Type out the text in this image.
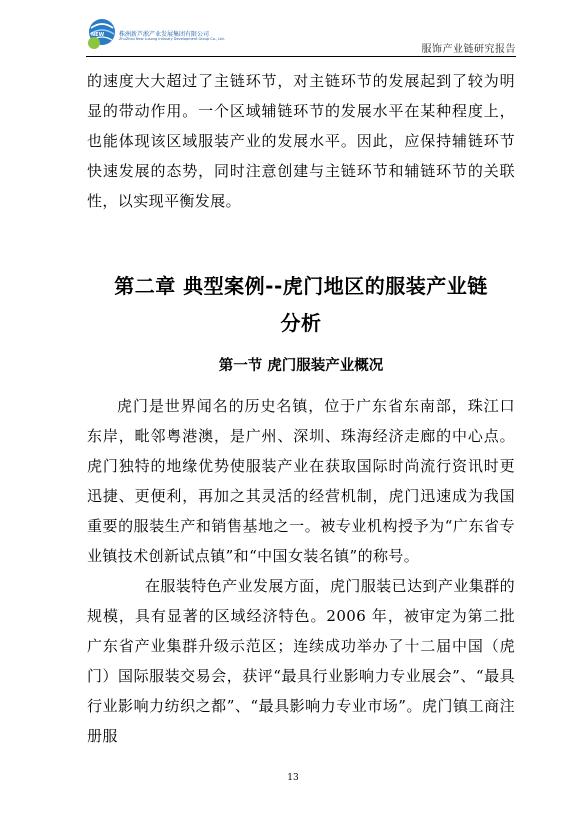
NEW 株洲新芦淞产业发展集团有限公司
ZhuZhou New Lusong Industry Development Group Co., Ltd.
服饰产业链研究报告

的速度大大超过了主链环节，对主链环节的发展起到了较为明显的带动作用。一个区域辅链环节的发展水平在某种程度上，也能体现该区域服装产业的发展水平。因此，应保持辅链环节快速发展的态势，同时注意创建与主链环节和辅链环节的关联性，以实现平衡发展。

第二章 典型案例--虎门地区的服装产业链
分析
第一节 虎门服装产业概况

虎门是世界闻名的历史名镇，位于广东省东南部，珠江口东岸，毗邻粤港澳，是广州、深圳、珠海经济走廊的中心点。虎门独特的地缘优势使服装产业在获取国际时尚流行资讯时更迅捷、更便利，再加之其灵活的经营机制，虎门迅速成为我国重要的服装生产和销售基地之一。被专业机构授予为“广东省专业镇技术创新试点镇”和“中国女装名镇”的称号。

在服装特色产业发展方面，虎门服装已达到产业集群的规模，具有显著的区域经济特色。2006 年，被审定为第二批广东省产业集群升级示范区；连续成功举办了十二届中国（虎门）国际服装交易会，获评“最具行业影响力专业展会”、“最具行业影响力纺织之都”、“最具影响力专业市场”。虎门镇工商注册服

13
